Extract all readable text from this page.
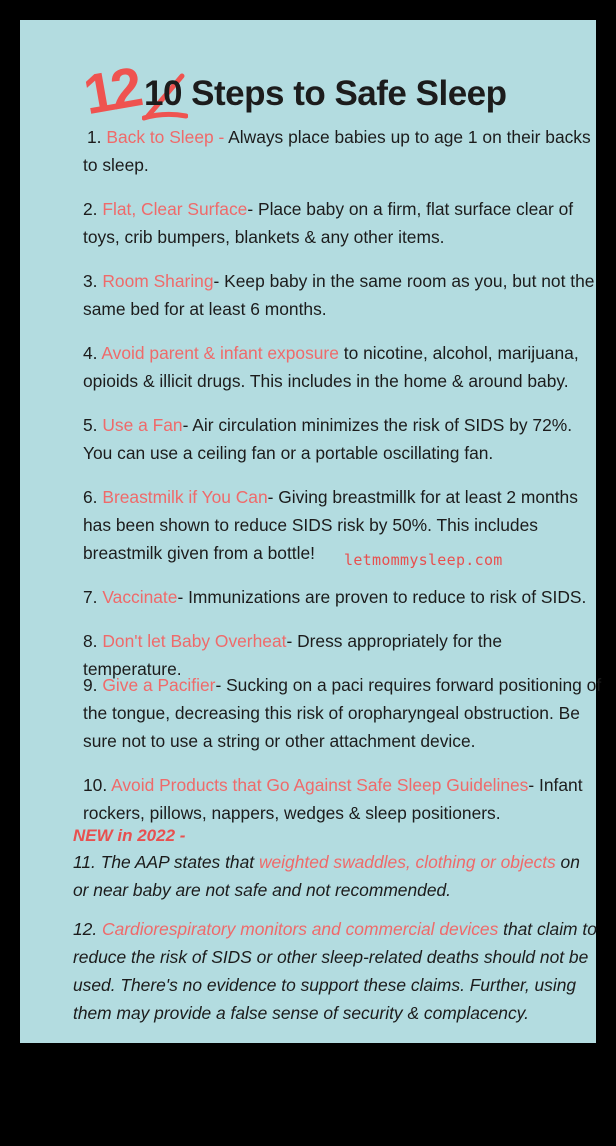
12 10 Steps to Safe Sleep

1. Back to Sleep - Always place babies up to age 1 on their backs to sleep.

2. Flat, Clear Surface- Place baby on a firm, flat surface clear of toys, crib bumpers, blankets & any other items.

3. Room Sharing- Keep baby in the same room as you, but not the same bed for at least 6 months.

4. Avoid parent & infant exposure to nicotine, alcohol, marijuana, opioids & illicit drugs. This includes in the home & around baby.

5. Use a Fan- Air circulation minimizes the risk of SIDS by 72%. You can use a ceiling fan or a portable oscillating fan.

6. Breastmilk if You Can- Giving breastmillk for at least 2 months has been shown to reduce SIDS risk by 50%. This includes breastmilk given from a bottle!

7. Vaccinate- Immunizations are proven to reduce to risk of SIDS.

8. Don't let Baby Overheat- Dress appropriately for the temperature.

9. Give a Pacifier- Sucking on a paci requires forward positioning of the tongue, decreasing this risk of oropharyngeal obstruction. Be sure not to use a string or other attachment device.

10. Avoid Products that Go Against Safe Sleep Guidelines- Infant rockers, pillows, nappers, wedges & sleep positioners.

NEW in 2022 -

11. The AAP states that weighted swaddles, clothing or objects on or near baby are not safe and not recommended.

12. Cardiorespiratory monitors and commercial devices that claim to reduce the risk of SIDS or other sleep-related deaths should not be used. There's no evidence to support these claims. Further, using them may provide a false sense of security & complacency.

letmommysleep.com
